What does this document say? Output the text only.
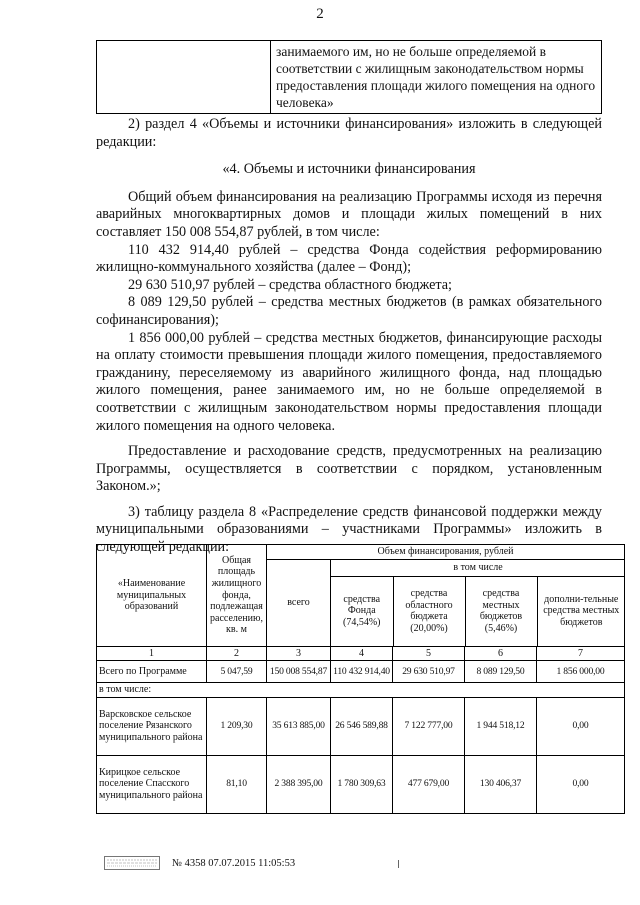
2
	занимаемого им, но не больше определяемой в соответствии с жилищным законодательством нормы предоставления площади жилого помещения на одного человека»

2) раздел 4 «Объемы и источники финансирования» изложить в следующей редакции:

«4. Объемы и источники финансирования

Общий объем финансирования на реализацию Программы исходя из перечня аварийных многоквартирных домов и площади жилых помещений в них составляет 150 008 554,87 рублей, в том числе:

110 432 914,40 рублей – средства Фонда содействия реформированию жилищно-коммунального хозяйства (далее – Фонд);

29 630 510,97 рублей – средства областного бюджета;

8 089 129,50 рублей – средства местных бюджетов (в рамках обязательного софинансирования);

1 856 000,00 рублей – средства местных бюджетов, финансирующие расходы на оплату стоимости превышения площади жилого помещения, предоставляемого гражданину, переселяемому из аварийного жилищного фонда, над площадью жилого помещения, ранее занимаемого им, но не больше определяемой в соответствии с жилищным законодательством нормы предоставления площади жилого помещения на одного человека.

Предоставление и расходование средств, предусмотренных на реализацию Программы, осуществляется в соответствии с порядком, установленным Законом.»;

3) таблицу раздела 8 «Распределение средств финансовой поддержки между муниципальными образованиями – участниками Программы» изложить в следующей редакции:

«Наименование муниципальных образований	Общая площадь жилищного фонда, подлежащая расселению, кв. м	Объем финансирования, рублей
всего	
в том числе
средства Фонда (74,54%)	средства областного бюджета (20,00%)	средства местных бюджетов (5,46%)	дополни-тельные средства местных бюджетов

1	2	3	4	5	6	7
Всего по Программе	5 047,59	150 008 554,87	110 432 914,40	29 630 510,97	8 089 129,50	1 856 000,00
в том числе:
Варсковское сельское поселение Рязанского муниципального района	1 209,30	35 613 885,00	26 546 589,88	7 122 777,00	1 944 518,12	0,00
Кирицкое сельское поселение Спасского муниципального района	81,10	2 388 395,00	1 780 309,63	477 679,00	130 406,37	0,00
№ 4358 07.07.2015 11:05:53
